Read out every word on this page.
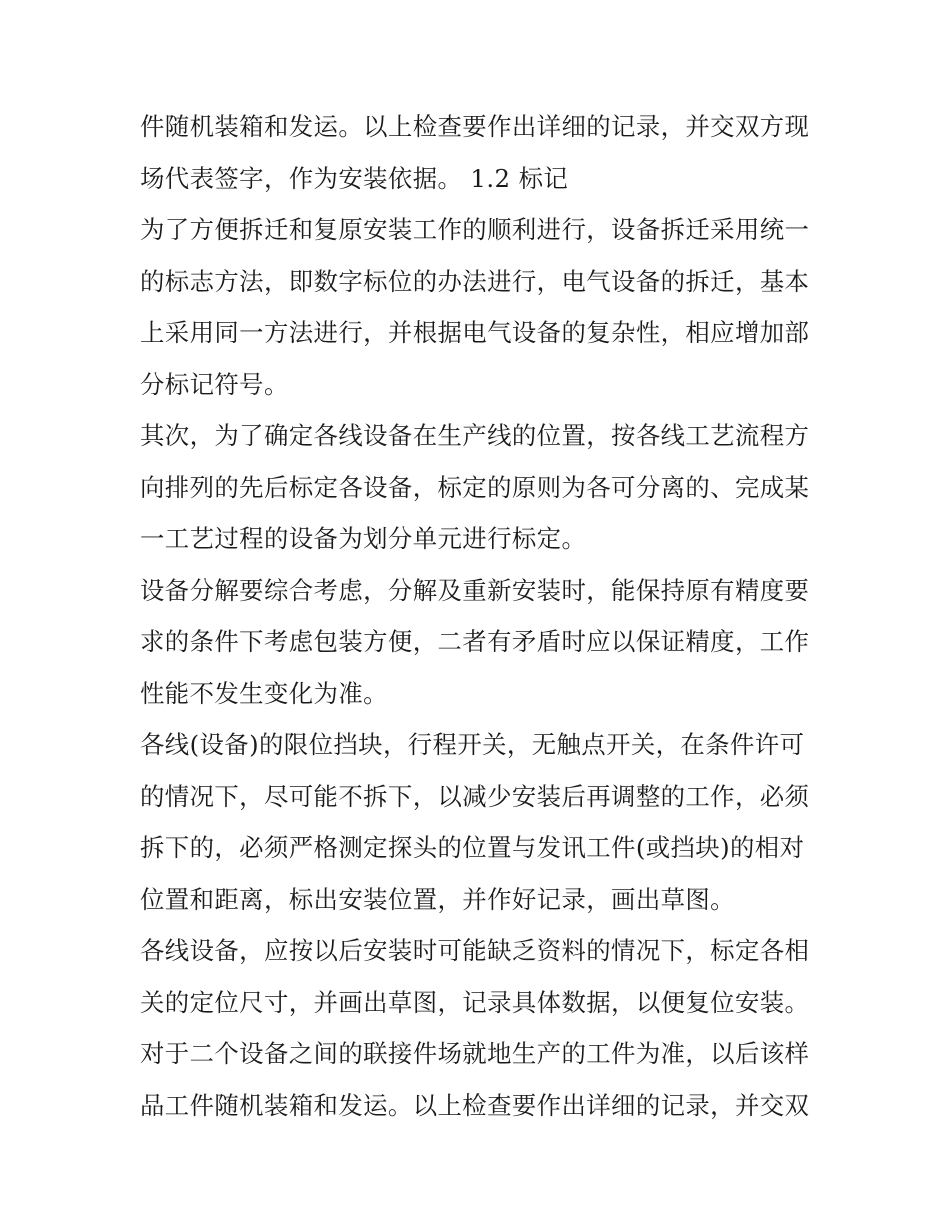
件随机装箱和发运。以上检查要作出详细的记录，并交双方现
场代表签字，作为安装依据。 1.2 标记
为了方便拆迁和复原安装工作的顺利进行，设备拆迁采用统一
的标志方法，即数字标位的办法进行，电气设备的拆迁，基本
上采用同一方法进行，并根据电气设备的复杂性，相应增加部
分标记符号。
其次，为了确定各线设备在生产线的位置，按各线工艺流程方
向排列的先后标定各设备，标定的原则为各可分离的、完成某
一工艺过程的设备为划分单元进行标定。
设备分解要综合考虑，分解及重新安装时，能保持原有精度要
求的条件下考虑包装方便，二者有矛盾时应以保证精度，工作
性能不发生变化为准。
各线(设备)的限位挡块，行程开关，无触点开关，在条件许可
的情况下，尽可能不拆下，以减少安装后再调整的工作，必须
拆下的，必须严格测定探头的位置与发讯工件(或挡块)的相对
位置和距离，标出安装位置，并作好记录，画出草图。
各线设备，应按以后安装时可能缺乏资料的情况下，标定各相
关的定位尺寸，并画出草图，记录具体数据，以便复位安装。
对于二个设备之间的联接件场就地生产的工件为准，以后该样
品工件随机装箱和发运。以上检查要作出详细的记录，并交双
